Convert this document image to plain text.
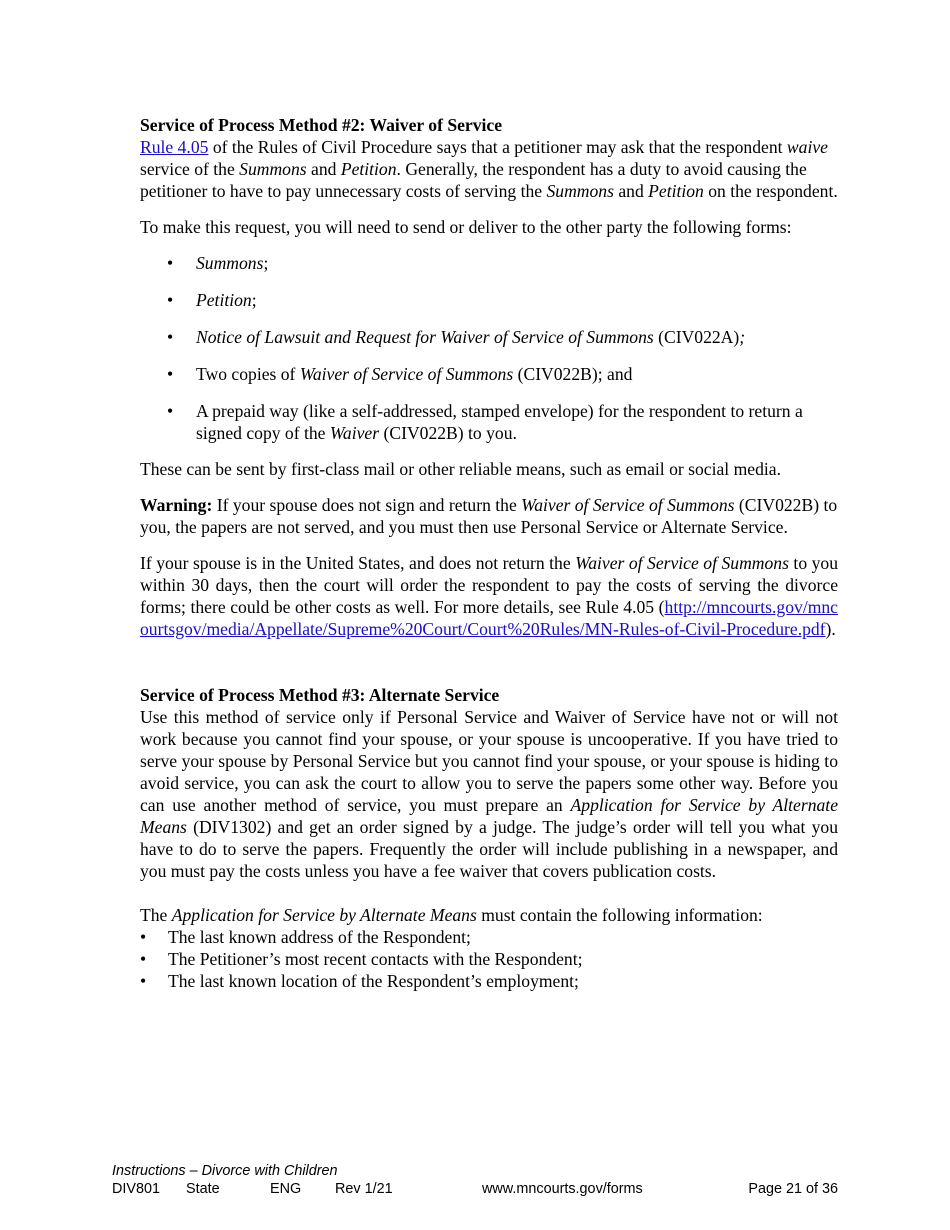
Service of Process Method #2: Waiver of Service

Rule 4.05 of the Rules of Civil Procedure says that a petitioner may ask that the respondent waive service of the Summons and Petition. Generally, the respondent has a duty to avoid causing the petitioner to have to pay unnecessary costs of serving the Summons and Petition on the respondent.

To make this request, you will need to send or deliver to the other party the following forms:

• Summons;
• Petition;
• Notice of Lawsuit and Request for Waiver of Service of Summons (CIV022A);
• Two copies of Waiver of Service of Summons (CIV022B); and
• A prepaid way (like a self-addressed, stamped envelope) for the respondent to return a signed copy of the Waiver (CIV022B) to you.

These can be sent by first-class mail or other reliable means, such as email or social media.

Warning: If your spouse does not sign and return the Waiver of Service of Summons (CIV022B) to you, the papers are not served, and you must then use Personal Service or Alternate Service.

If your spouse is in the United States, and does not return the Waiver of Service of Summons to you within 30 days, then the court will order the respondent to pay the costs of serving the divorce forms; there could be other costs as well. For more details, see Rule 4.05 (http://mncourts.gov/mncourtsgov/media/Appellate/Supreme%20Court/Court%20Rules/MN-Rules-of-Civil-Procedure.pdf).

Service of Process Method #3: Alternate Service

Use this method of service only if Personal Service and Waiver of Service have not or will not work because you cannot find your spouse, or your spouse is uncooperative. If you have tried to serve your spouse by Personal Service but you cannot find your spouse, or your spouse is hiding to avoid service, you can ask the court to allow you to serve the papers some other way. Before you can use another method of service, you must prepare an Application for Service by Alternate Means (DIV1302) and get an order signed by a judge. The judge’s order will tell you what you have to do to serve the papers. Frequently the order will include publishing in a newspaper, and you must pay the costs unless you have a fee waiver that covers publication costs.

The Application for Service by Alternate Means must contain the following information:

• The last known address of the Respondent;
• The Petitioner’s most recent contacts with the Respondent;
• The last known location of the Respondent’s employment;
Instructions – Divorce with Children
DIV801 State	ENG Rev 1/21	www.mncourts.gov/forms	Page 21 of 36
